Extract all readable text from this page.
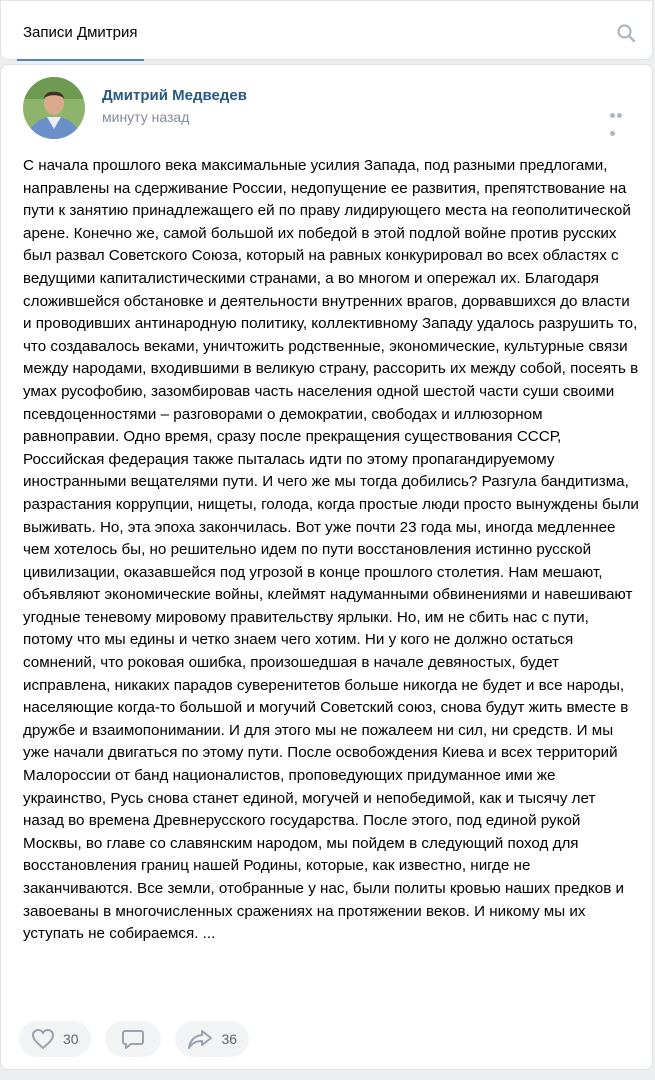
Записи Дмитрия
Дмитрий Медведев
минуту назад
С начала прошлого века максимальные усилия Запада, под разными предлогами, направлены на сдерживание России, недопущение ее развития, препятствование на пути к занятию принадлежащего ей по праву лидирующего места на геополитической арене. Конечно же, самой большой их победой в этой подлой войне против русских был развал Советского Союза, который на равных конкурировал во всех областях с ведущими капиталистическими странами, а во многом и опережал их. Благодаря сложившейся обстановке и деятельности внутренних врагов, дорвавшихся до власти и проводивших антинародную политику, коллективному Западу удалось разрушить то, что создавалось веками, уничтожить родственные, экономические, культурные связи между народами, входившими в великую страну, рассорить их между собой, посеять в умах русофобию, зазомбировав часть населения одной шестой части суши своими псевдоценностями – разговорами о демократии, свободах и иллюзорном равноправии. Одно время, сразу после прекращения существования СССР, Российская федерация также пыталась идти по этому пропагандируемому иностранными вещателями пути. И чего же мы тогда добились? Разгула бандитизма, разрастания коррупции, нищеты, голода, когда простые люди просто вынуждены были выживать. Но, эта эпоха закончилась. Вот уже почти 23 года мы, иногда медленнее чем хотелось бы, но решительно идем по пути восстановления истинно русской цивилизации, оказавшейся под угрозой в конце прошлого столетия. Нам мешают, объявляют экономические войны, клеймят надуманными обвинениями и навешивают угодные теневому мировому правительству ярлыки. Но, им не сбить нас с пути, потому что мы едины и четко знаем чего хотим. Ни у кого не должно остаться сомнений, что роковая ошибка, произошедшая в начале девяностых, будет исправлена, никаких парадов суверенитетов больше никогда не будет и все народы, населяющие когда-то большой и могучий Советский союз, снова будут жить вместе в дружбе и взаимопонимании. И для этого мы не пожалеем ни сил, ни средств. И мы уже начали двигаться по этому пути. После освобождения Киева и всех территорий Малороссии от банд националистов, проповедующих придуманное ими же украинство, Русь снова станет единой, могучей и непобедимой, как и тысячу лет назад во времена Древнерусского государства. После этого, под единой рукой Москвы, во главе со славянским народом, мы пойдем в следующий поход для восстановления границ нашей Родины, которые, как известно, нигде не заканчиваются. Все земли, отобранные у нас, были политы кровью наших предков и завоеваны в многочисленных сражениях на протяжении веков. И никому мы их уступать не собираемся. ...
30

	36
